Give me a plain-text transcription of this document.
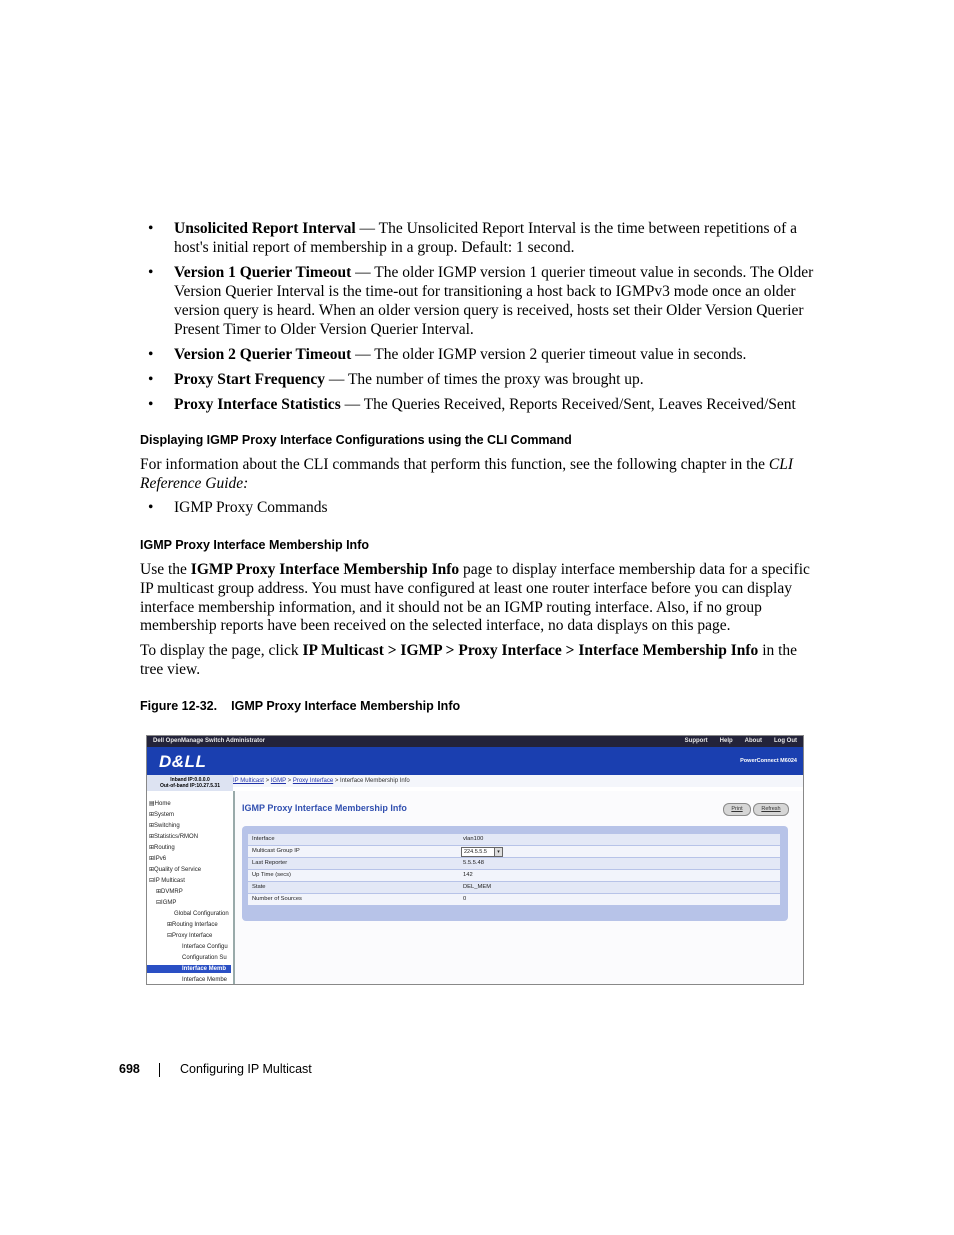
• Unsolicited Report Interval — The Unsolicited Report Interval is the time between repetitions of a host's initial report of membership in a group. Default: 1 second.
• Version 1 Querier Timeout — The older IGMP version 1 querier timeout value in seconds. The Older Version Querier Interval is the time-out for transitioning a host back to IGMPv3 mode once an older version query is heard. When an older version query is received, hosts set their Older Version Querier Present Timer to Older Version Querier Interval.
• Version 2 Querier Timeout — The older IGMP version 2 querier timeout value in seconds.
• Proxy Start Frequency — The number of times the proxy was brought up.
• Proxy Interface Statistics — The Queries Received, Reports Received/Sent, Leaves Received/Sent
Displaying IGMP Proxy Interface Configurations using the CLI Command
For information about the CLI commands that perform this function, see the following chapter in the CLI Reference Guide:
• IGMP Proxy Commands
IGMP Proxy Interface Membership Info
Use the IGMP Proxy Interface Membership Info page to display interface membership data for a specific IP multicast group address. You must have configured at least one router interface before you can display interface membership information, and it should not be an IGMP routing interface. Also, if no group membership reports have been received on the selected interface, no data displays on this page.
To display the page, click IP Multicast > IGMP > Proxy Interface > Interface Membership Info in the tree view.
Figure 12-32. IGMP Proxy Interface Membership Info
Dell OpenManage Switch Administrator	Support Help About Log Out
D&LL	PowerConnect M6024
Inband IP:0.0.0.0
Out-of-band IP:10.27.5.31
IP Multicast > IGMP > Proxy Interface > Interface Membership Info
▤Home
⊞System
⊞Switching
⊞Statistics/RMON
⊞Routing
⊞IPv6
⊞Quality of Service
⊟IP Multicast
⊞DVMRP
⊟IGMP
Global Configuration
⊞Routing Interface
⊟Proxy Interface
Interface Configu
Configuration Su
Interface Memb
Interface Membe
IGMP Proxy Interface Membership Info	Print	Refresh
Interface	vlan100
Multicast Group IP	224.5.5.5	▾
Last Reporter	5.5.5.48
Up Time (secs)	142
State	DEL_MEM
Number of Sources	0
698	Configuring IP Multicast
